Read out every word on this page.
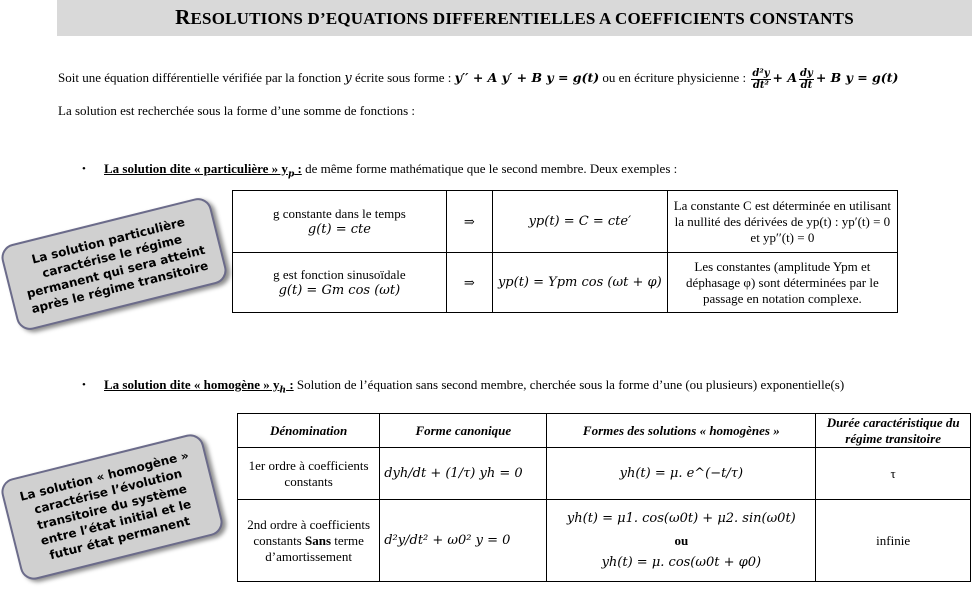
RESOLUTIONS D’EQUATIONS DIFFERENTIELLES A COEFFICIENTS CONSTANTS
Soit une équation différentielle vérifiée par la fonction y écrite sous forme : y′′ + A y′ + B y = g(t) ou en écriture physicienne : $\frac{\text{d²y}}{\text{dt²}} + A \frac{dy}{dt} + B$ y = g(t)
La solution est recherchée sous la forme d’une somme de fonctions :
• La solution dite « particulière » $y_p$ : de même forme mathématique que le second membre. Deux exemples :
g constante dans le temps
g(t) = cte	⇒	yp(t) = C = cte′	La constante C est déterminée en utilisant la nullité des dérivées de yp(t) : yp′(t) = 0 et yp′′(t) = 0

g est fonction sinusoïdale
g(t) = Gm cos (ωt)	⇒	yp(t) = Ypm cos (ωt + φ)	Les constantes (amplitude Ypm et déphasage φ) sont déterminées par le passage en notation complexe.
La solution particulière caractérise le régime permanent qui sera atteint après le régime transitoire
• La solution dite « homogène » $y_h$ : Solution de l’équation sans second membre, cherchée sous la forme d’une (ou plusieurs) exponentielle(s)
Dénomination	Forme canonique	Formes des solutions « homogènes »	Durée caractéristique du régime transitoire
1er ordre à coefficients constants	dyh/dt + (1/τ) yh = 0	yh(t) = μ. e^(−t/τ)	τ
2nd ordre à coefficients constants Sans terme d’amortissement	d²y/dt² + ω0² y = 0	yh(t) = μ1. cos(ω0t) + μ2. sin(ω0t)
ou
yh(t) = μ. cos(ω0t + φ0)	infinie
La solution « homogène » caractérise l’évolution transitoire du système entre l’état initial et le futur état permanent
